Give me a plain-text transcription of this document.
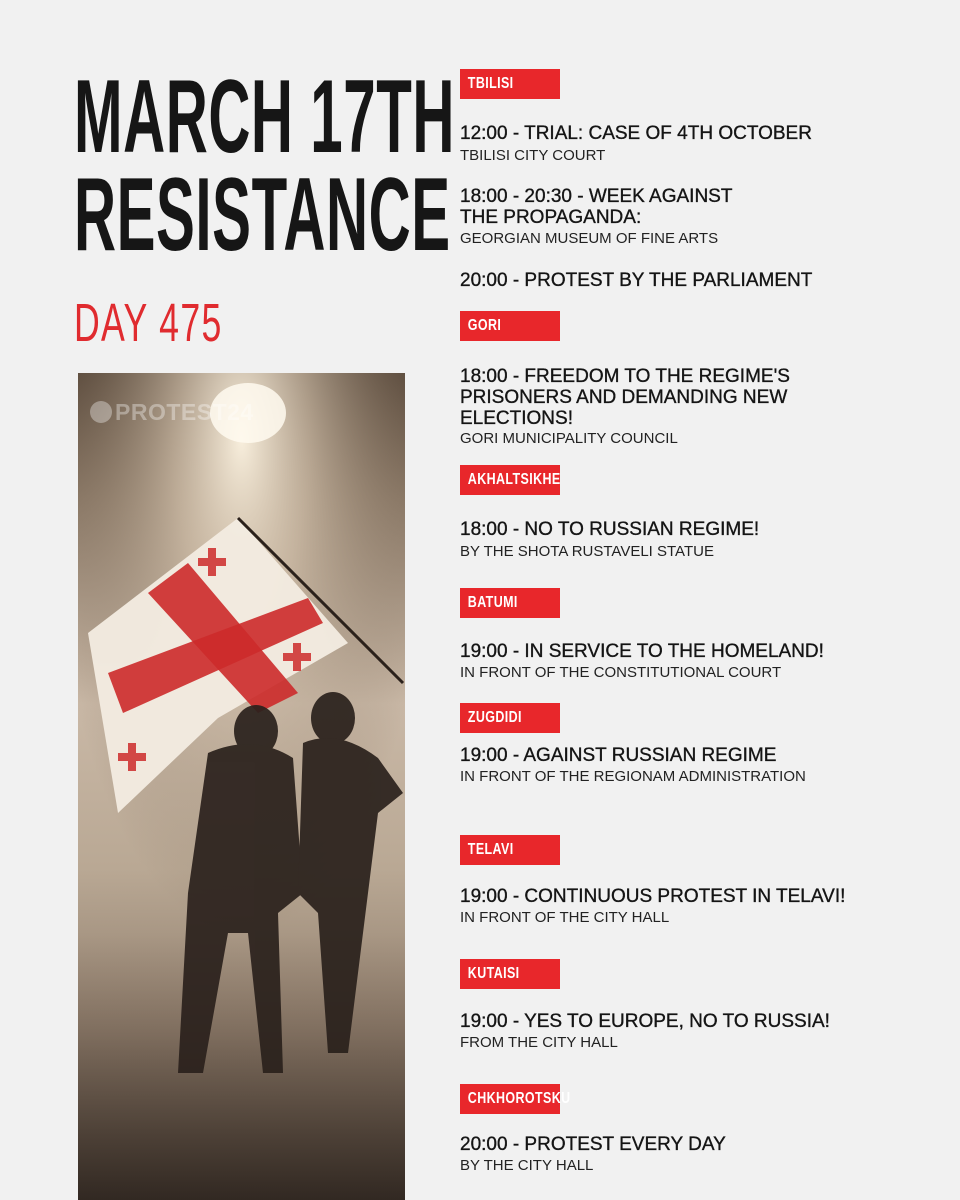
MARCH 17TH
RESISTANCE
DAY 475
PROTEST24
TBILISI
12:00 - TRIAL: CASE OF 4TH OCTOBER
TBILISI CITY COURT
18:00 - 20:30 - WEEK AGAINST
THE PROPAGANDA:
GEORGIAN MUSEUM OF FINE ARTS
20:00 - PROTEST BY THE PARLIAMENT
GORI
18:00 - FREEDOM TO THE REGIME'S
PRISONERS AND DEMANDING NEW
ELECTIONS!
GORI MUNICIPALITY COUNCIL
AKHALTSIKHE
18:00 - NO TO RUSSIAN REGIME!
BY THE SHOTA RUSTAVELI STATUE
BATUMI
19:00 - IN SERVICE TO THE HOMELAND!
IN FRONT OF THE CONSTITUTIONAL COURT
ZUGDIDI
19:00 - AGAINST RUSSIAN REGIME
IN FRONT OF THE REGIONAM ADMINISTRATION
TELAVI
19:00 - CONTINUOUS PROTEST IN TELAVI!
IN FRONT OF THE CITY HALL
KUTAISI
19:00 - YES TO EUROPE, NO TO RUSSIA!
FROM THE CITY HALL
CHKHOROTSKU
20:00 - PROTEST EVERY DAY
BY THE CITY HALL
